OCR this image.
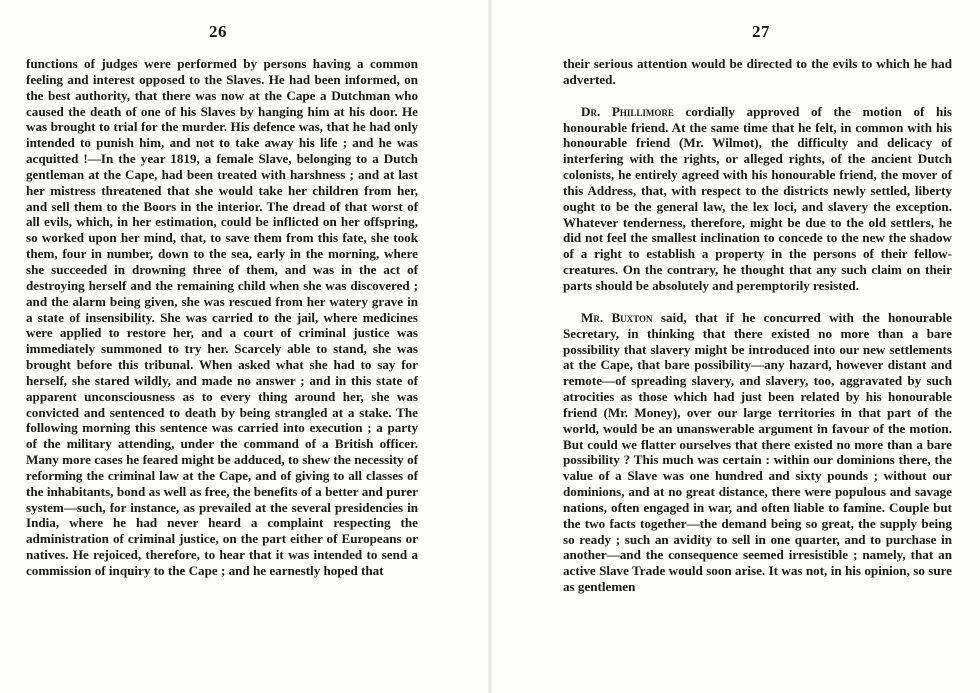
26

functions of judges were performed by persons having a common feeling and interest opposed to the Slaves. He had been informed, on the best authority, that there was now at the Cape a Dutchman who caused the death of one of his Slaves by hanging him at his door. He was brought to trial for the murder. His defence was, that he had only intended to punish him, and not to take away his life ; and he was acquitted !—In the year 1819, a female Slave, belonging to a Dutch gentleman at the Cape, had been treated with harshness ; and at last her mistress threatened that she would take her children from her, and sell them to the Boors in the interior. The dread of that worst of all evils, which, in her estimation, could be inflicted on her offspring, so worked upon her mind, that, to save them from this fate, she took them, four in number, down to the sea, early in the morning, where she succeeded in drowning three of them, and was in the act of destroying herself and the remaining child when she was discovered ; and the alarm being given, she was rescued from her watery grave in a state of insensibility. She was carried to the jail, where medicines were applied to restore her, and a court of criminal justice was immediately summoned to try her. Scarcely able to stand, she was brought before this tribunal. When asked what she had to say for herself, she stared wildly, and made no answer ; and in this state of apparent unconsciousness as to every thing around her, she was convicted and sentenced to death by being strangled at a stake. The following morning this sentence was carried into execution ; a party of the military attending, under the command of a British officer. Many more cases he feared might be adduced, to shew the necessity of reforming the criminal law at the Cape, and of giving to all classes of the inhabitants, bond as well as free, the benefits of a better and purer system—such, for instance, as prevailed at the several presidencies in India, where he had never heard a complaint respecting the administration of criminal justice, on the part either of Europeans or natives. He rejoiced, therefore, to hear that it was intended to send a commission of inquiry to the Cape ; and he earnestly hoped that

27

their serious attention would be directed to the evils to which he had adverted.

Dr. Phillimore cordially approved of the motion of his honourable friend. At the same time that he felt, in common with his honourable friend (Mr. Wilmot), the difficulty and delicacy of interfering with the rights, or alleged rights, of the ancient Dutch colonists, he entirely agreed with his honourable friend, the mover of this Address, that, with respect to the districts newly settled, liberty ought to be the general law, the lex loci, and slavery the exception. Whatever tenderness, therefore, might be due to the old settlers, he did not feel the smallest inclination to concede to the new the shadow of a right to establish a property in the persons of their fellow-creatures. On the contrary, he thought that any such claim on their parts should be absolutely and peremptorily resisted.

Mr. Buxton said, that if he concurred with the honourable Secretary, in thinking that there existed no more than a bare possibility that slavery might be introduced into our new settlements at the Cape, that bare possibility—any hazard, however distant and remote—of spreading slavery, and slavery, too, aggravated by such atrocities as those which had just been related by his honourable friend (Mr. Money), over our large territories in that part of the world, would be an unanswerable argument in favour of the motion. But could we flatter ourselves that there existed no more than a bare possibility ? This much was certain : within our dominions there, the value of a Slave was one hundred and sixty pounds ; without our dominions, and at no great distance, there were populous and savage nations, often engaged in war, and often liable to famine. Couple but the two facts together—the demand being so great, the supply being so ready ; such an avidity to sell in one quarter, and to purchase in another—and the consequence seemed irresistible ; namely, that an active Slave Trade would soon arise. It was not, in his opinion, so sure as gentlemen
